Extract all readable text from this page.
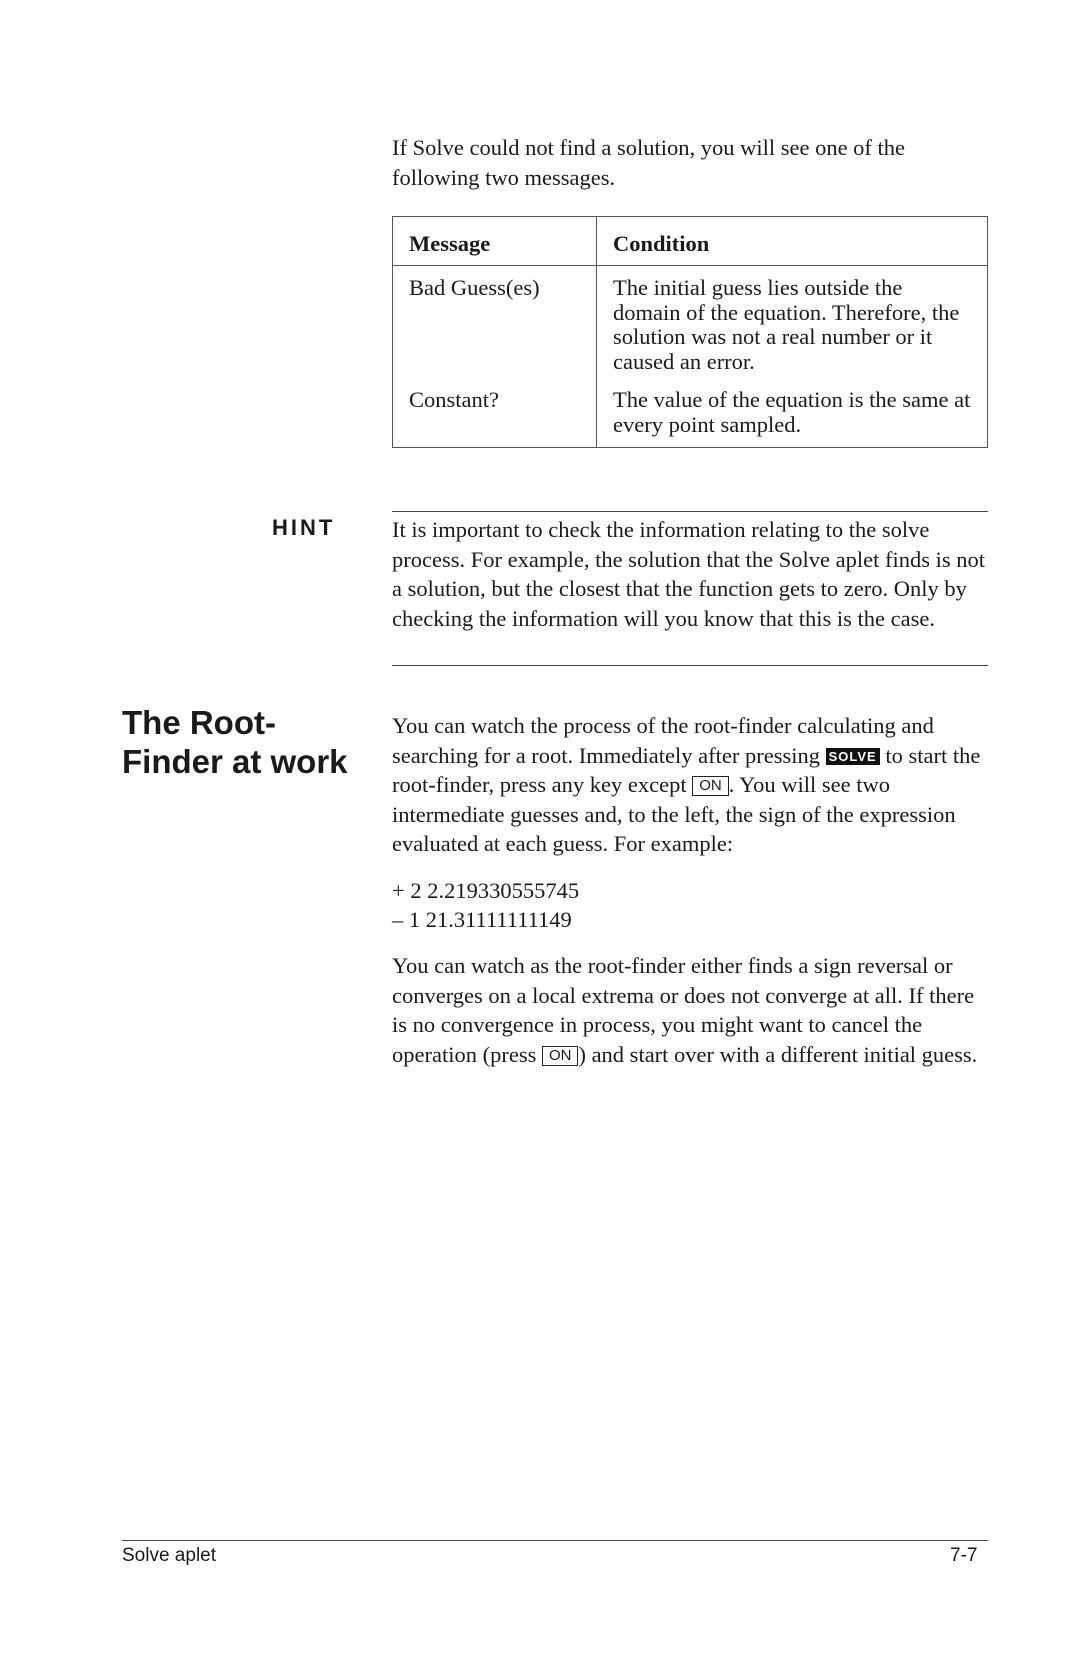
If Solve could not find a solution, you will see one of the following two messages.
Message	Condition
Bad Guess(es)	The initial guess lies outside the domain of the equation. Therefore, the solution was not a real number or it caused an error.
Constant?	The value of the equation is the same at every point sampled.
HINT	It is important to check the information relating to the solve process. For example, the solution that the Solve aplet finds is not a solution, but the closest that the function gets to zero. Only by checking the information will you know that this is the case.
The Root-Finder at work
You can watch the process of the root-finder calculating and searching for a root. Immediately after pressing SOLVE to start the root-finder, press any key except ON . You will see two intermediate guesses and, to the left, the sign of the expression evaluated at each guess. For example:
+ 2 2.219330555745
– 1 21.31111111149
You can watch as the root-finder either finds a sign reversal or converges on a local extrema or does not converge at all. If there is no convergence in process, you might want to cancel the operation (press ON ) and start over with a different initial guess.
Solve aplet	7-7
